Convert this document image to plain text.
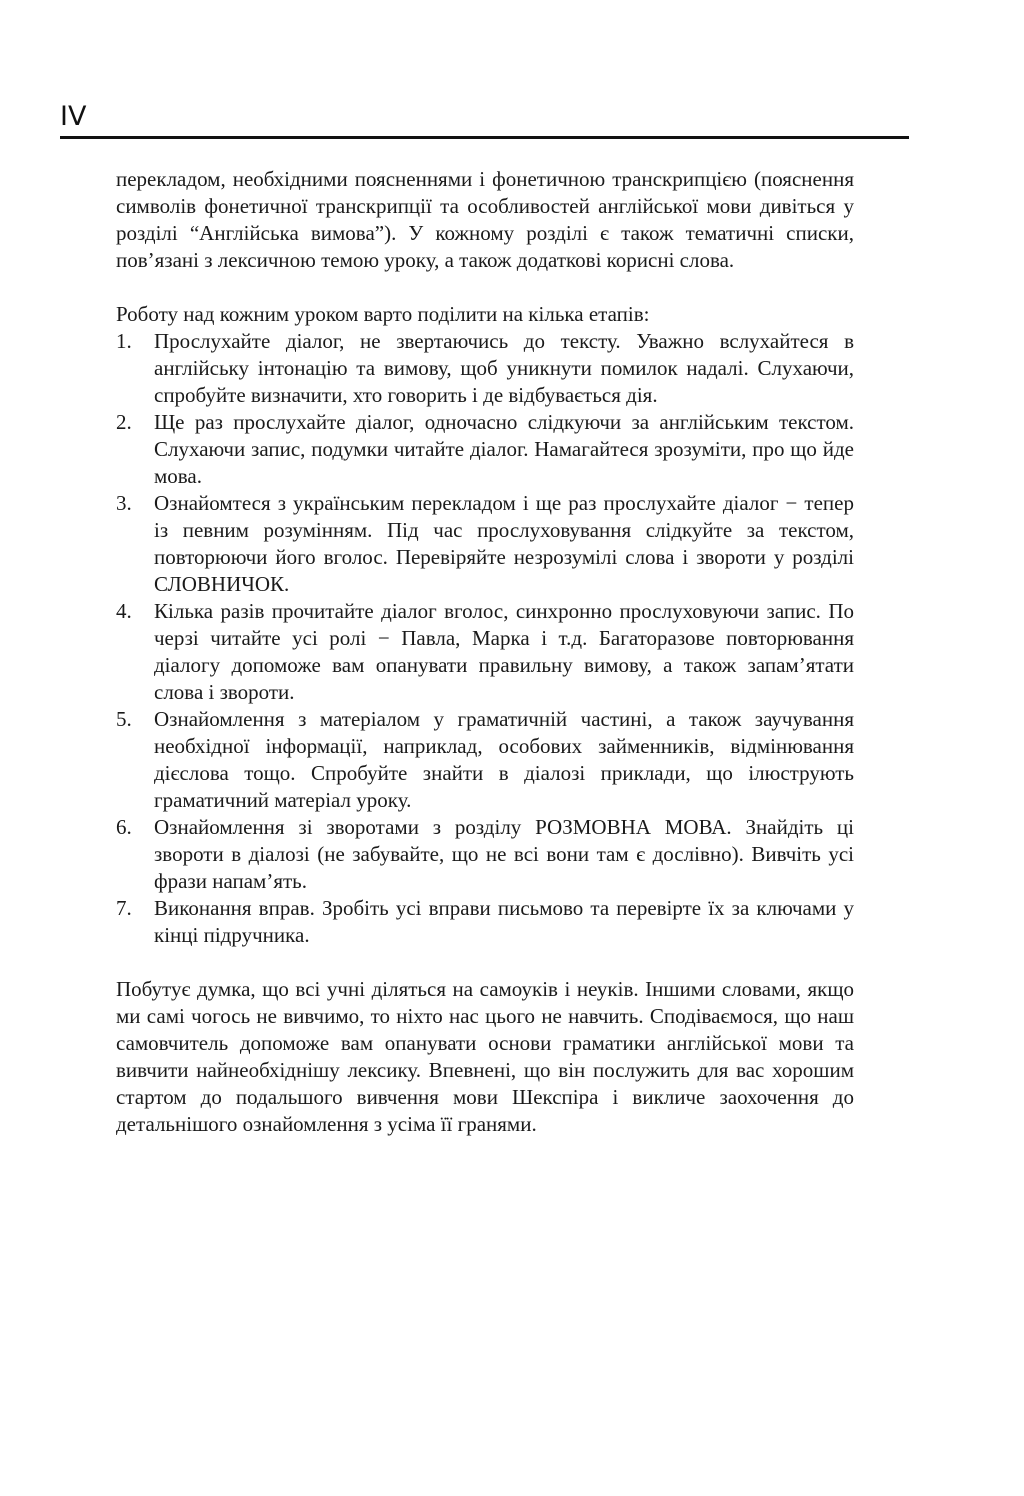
IV

перекладом, необхідними поясненнями і фонетичною транскрипцією (пояснення символів фонетичної транскрипції та особливостей англійської мови дивіться у розділі “Англійська вимова”). У кожному розділі є також тематичні списки, пов’язані з лексичною темою уроку, а також додаткові корисні слова.

Роботу над кожним уроком варто поділити на кілька етапів:

1. Прослухайте діалог, не звертаючись до тексту. Уважно вслухайтеся в англійську інтонацію та вимову, щоб уникнути помилок надалі. Слухаючи, спробуйте визначити, хто говорить і де відбувається дія.
2. Ще раз прослухайте діалог, одночасно слідкуючи за англійським текстом. Слухаючи запис, подумки читайте діалог. Намагайтеся зрозуміти, про що йде мова.
3. Ознайомтеся з українським перекладом і ще раз прослухайте діалог − тепер із певним розумінням. Під час прослуховування слідкуйте за текстом, повторюючи його вголос. Перевіряйте незрозумілі слова і звороти у розділі СЛОВНИЧОК.
4. Кілька разів прочитайте діалог вголос, синхронно прослуховуючи запис. По черзі читайте усі ролі − Павла, Марка і т.д. Багаторазове повторювання діалогу допоможе вам опанувати правильну вимову, а також запам’ятати слова і звороти.
5. Ознайомлення з матеріалом у граматичній частині, а також заучування необхідної інформації, наприклад, особових займенників, відмінювання дієслова тощо. Спробуйте знайти в діалозі приклади, що ілюструють граматичний матеріал уроку.
6. Ознайомлення зі зворотами з розділу РОЗМОВНА МОВА. Знайдіть ці звороти в діалозі (не забувайте, що не всі вони там є дослівно). Вивчіть усі фрази напам’ять.
7. Виконання вправ. Зробіть усі вправи письмово та перевірте їх за ключами у кінці підручника.

Побутує думка, що всі учні діляться на самоуків і неуків. Іншими словами, якщо ми самі чогось не вивчимо, то ніхто нас цього не навчить. Сподіваємося, що наш самовчитель допоможе вам опанувати основи граматики англійської мови та вивчити найнеобхіднішу лексику. Впевнені, що він послужить для вас хорошим стартом до подальшого вивчення мови Шекспіра і викличе заохочення до детальнішого ознайомлення з усіма її гранями.
